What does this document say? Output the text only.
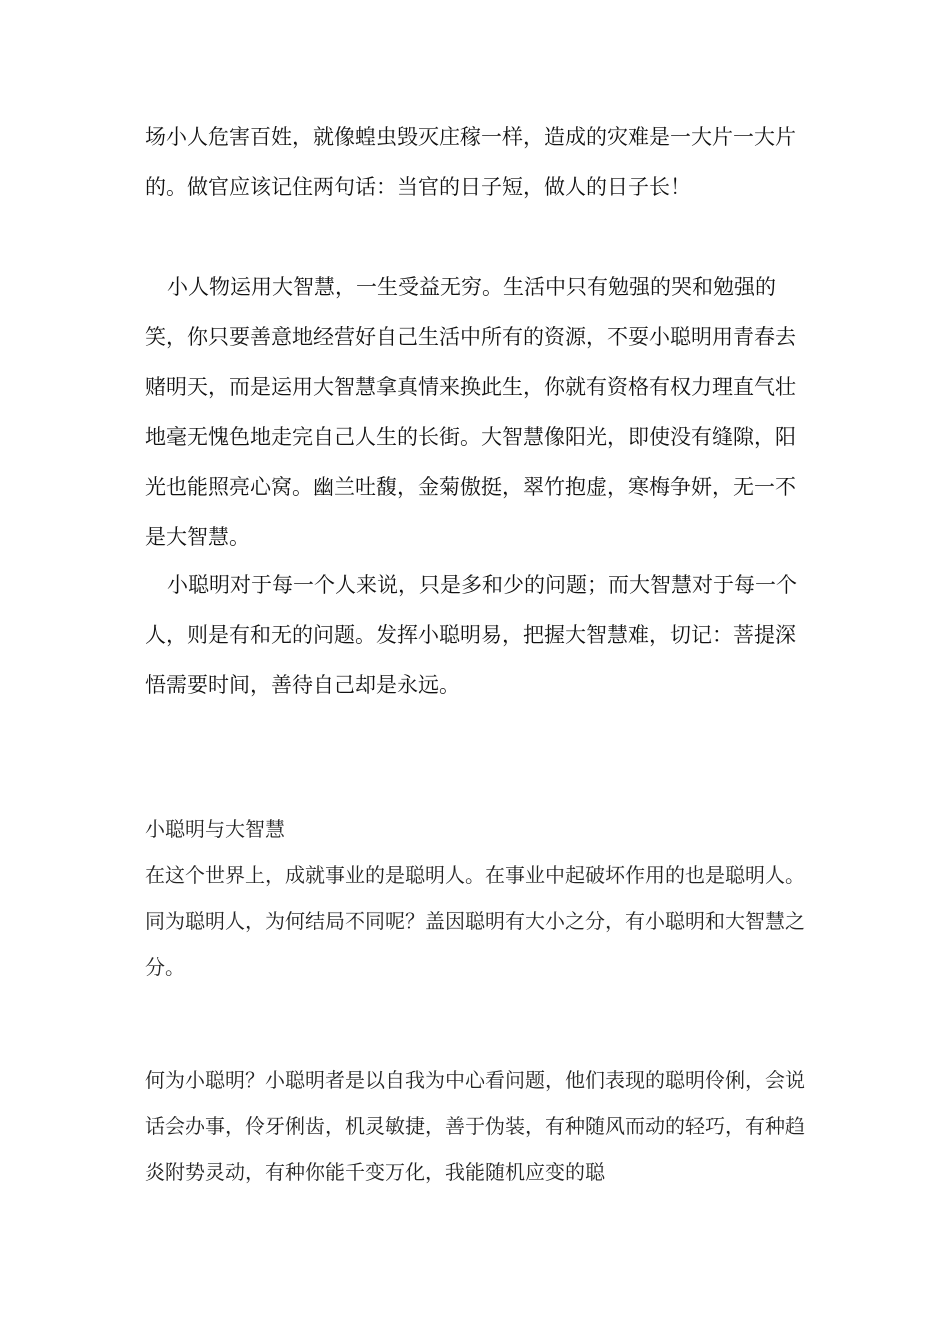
场小人危害百姓，就像蝗虫毁灭庄稼一样，造成的灾难是一大片一大片的。做官应该记住两句话：当官的日子短，做人的日子长！

小人物运用大智慧，一生受益无穷。生活中只有勉强的哭和勉强的笑，你只要善意地经营好自己生活中所有的资源，不耍小聪明用青春去赌明天，而是运用大智慧拿真情来换此生，你就有资格有权力理直气壮地毫无愧色地走完自己人生的长街。大智慧像阳光，即使没有缝隙，阳光也能照亮心窝。幽兰吐馥，金菊傲挺，翠竹抱虚，寒梅争妍，无一不是大智慧。

小聪明对于每一个人来说，只是多和少的问题；而大智慧对于每一个人，则是有和无的问题。发挥小聪明易，把握大智慧难，切记：菩提深悟需要时间，善待自己却是永远。

小聪明与大智慧

在这个世界上，成就事业的是聪明人。在事业中起破坏作用的也是聪明人。同为聪明人，为何结局不同呢？盖因聪明有大小之分，有小聪明和大智慧之分。

何为小聪明？小聪明者是以自我为中心看问题，他们表现的聪明伶俐，会说话会办事，伶牙俐齿，机灵敏捷，善于伪装，有种随风而动的轻巧，有种趋炎附势灵动，有种你能千变万化，我能随机应变的聪
